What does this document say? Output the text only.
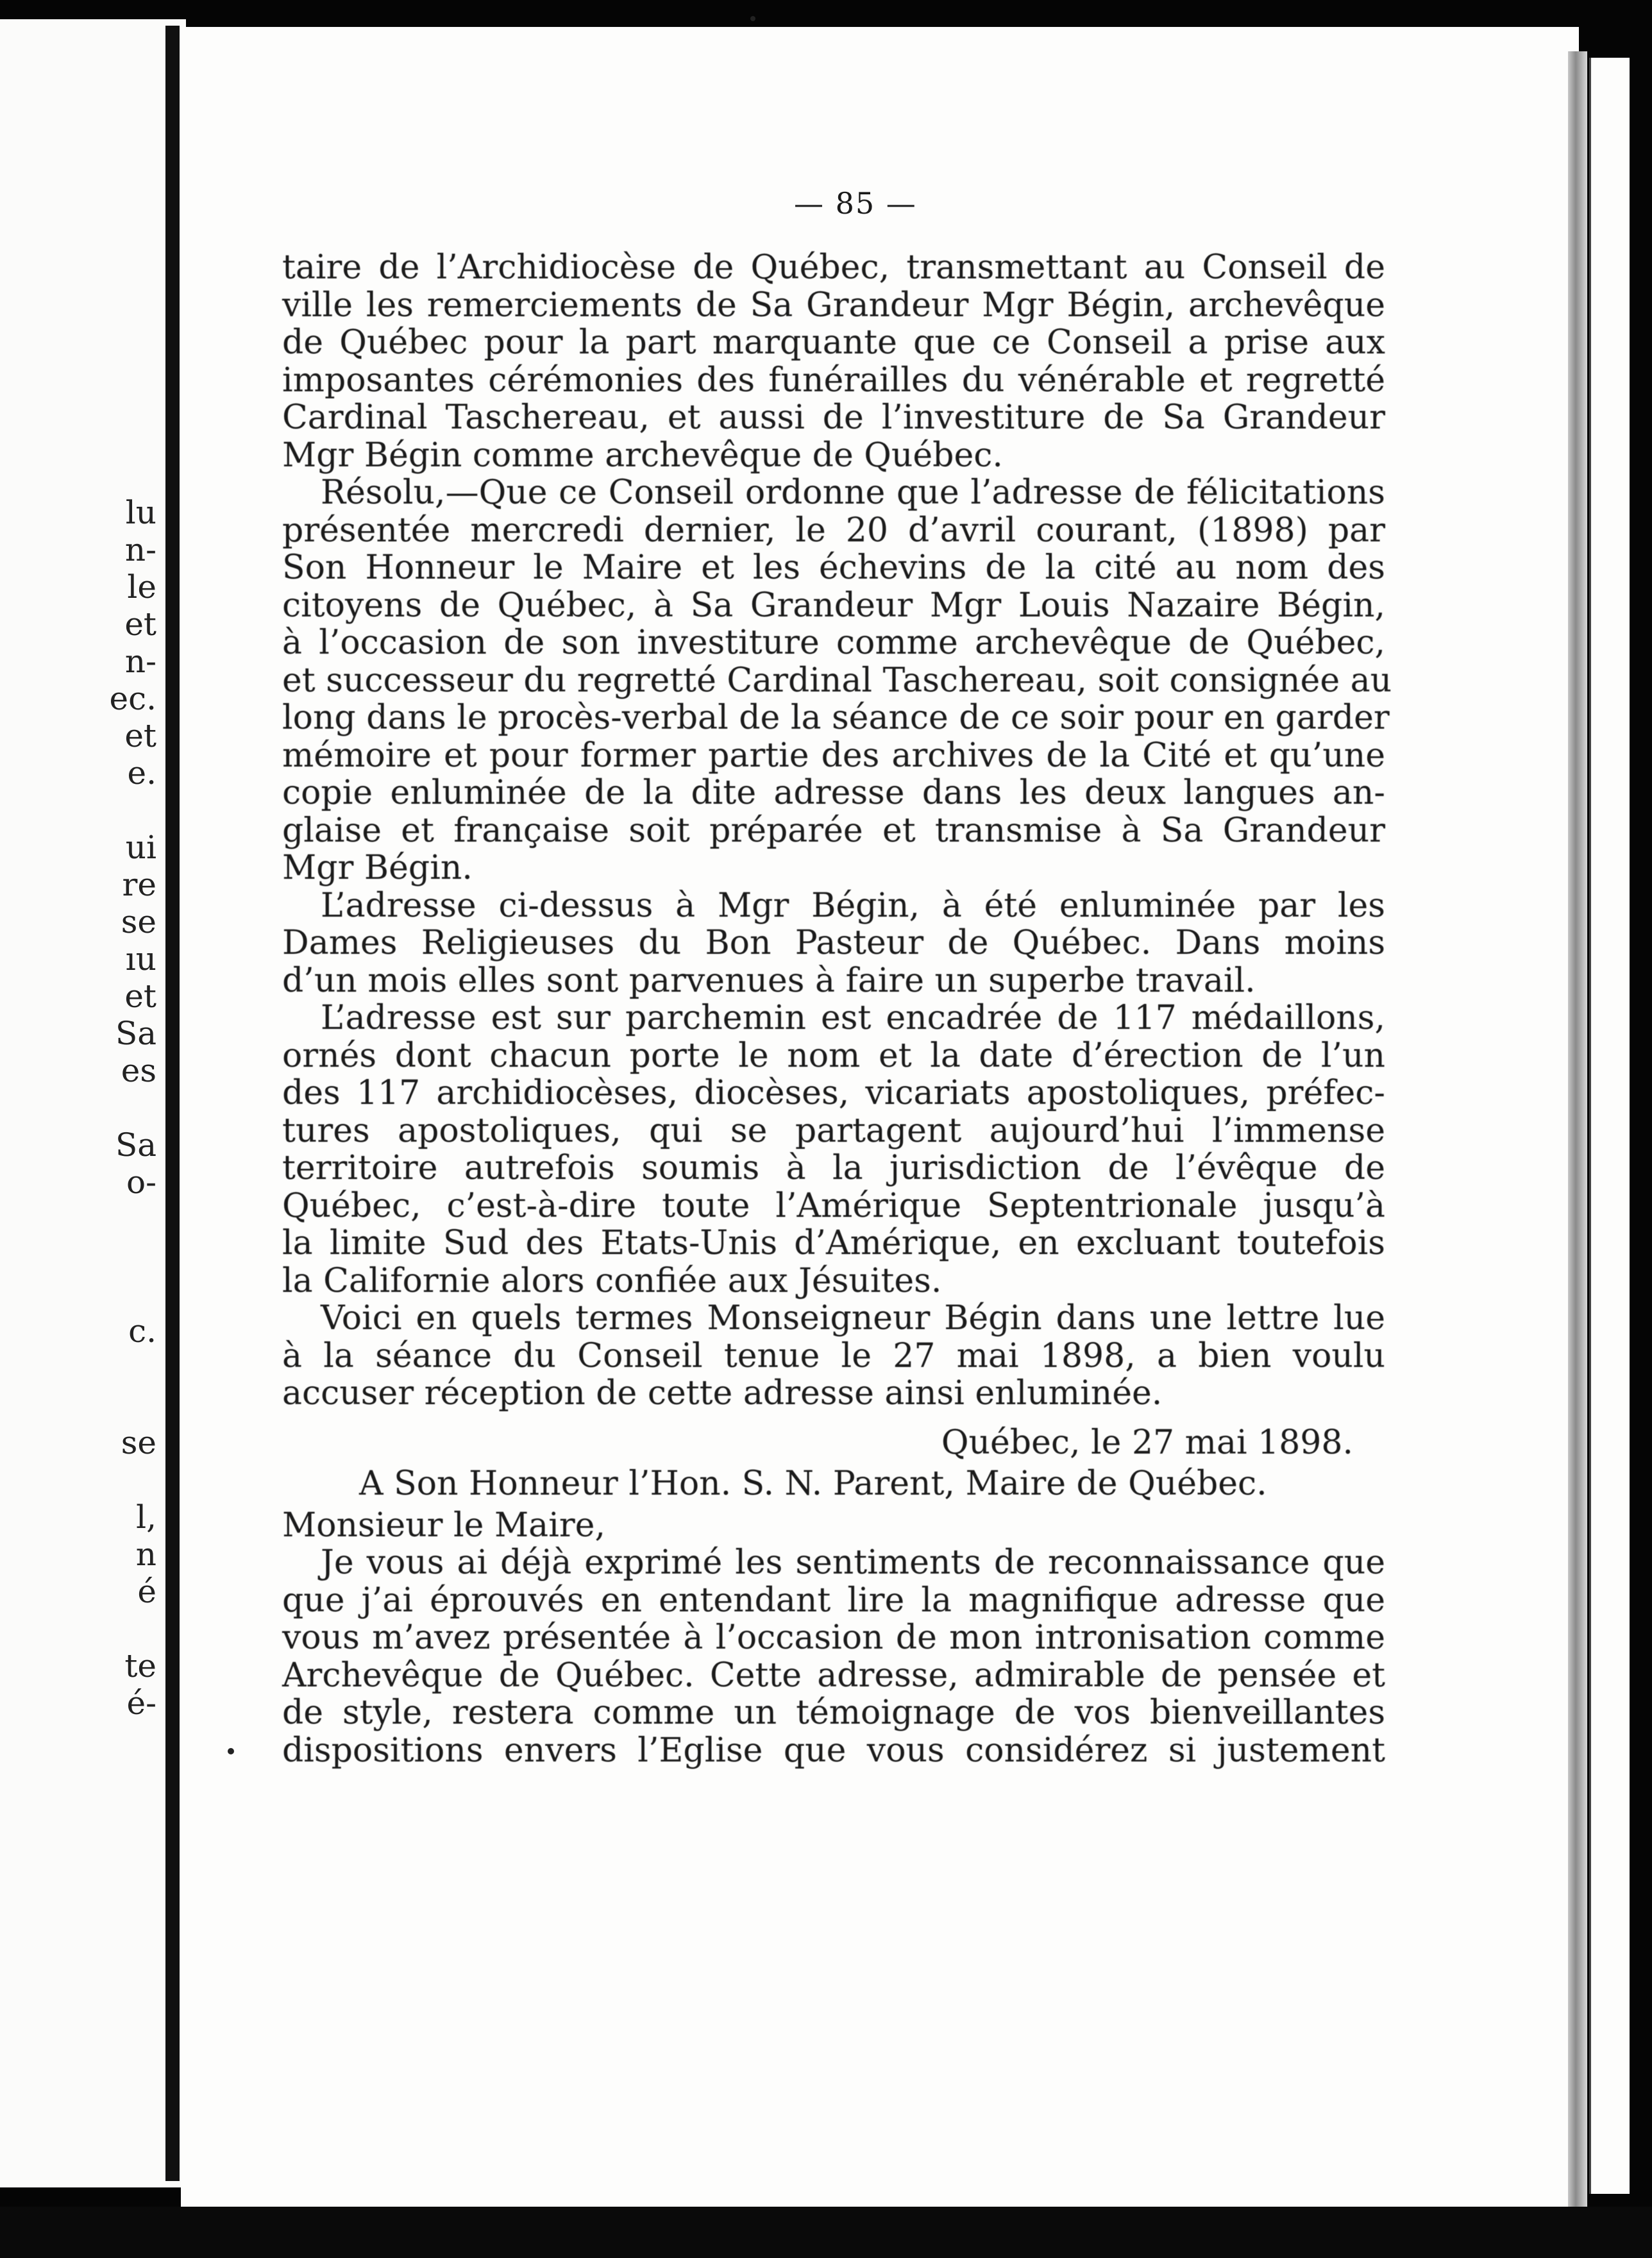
lu
n-
le
et
n-
ec.
et
e.
ui
re
se
ıu
et
Sa
es
Sa
o-
c.
se
l,
n
é
te
é-
— 85 —
taire de l’Archidiocèse de Québec, transmettant au Conseil de
ville les remerciements de Sa Grandeur Mgr Bégin, archevêque
de Québec pour la part marquante que ce Conseil a prise aux
imposantes cérémonies des funérailles du vénérable et regretté
Cardinal Taschereau, et aussi de l’investiture de Sa Grandeur
Mgr Bégin comme archevêque de Québec.
Résolu,—Que ce Conseil ordonne que l’adresse de félicitations
présentée mercredi dernier, le 20 d’avril courant, (1898) par
Son Honneur le Maire et les échevins de la cité au nom des
citoyens de Québec, à Sa Grandeur Mgr Louis Nazaire Bégin,
à l’occasion de son investiture comme archevêque de Québec,
et successeur du regretté Cardinal Taschereau, soit consignée au
long dans le procès-verbal de la séance de ce soir pour en garder
mémoire et pour former partie des archives de la Cité et qu’une
copie enluminée de la dite adresse dans les deux langues an-
glaise et française soit préparée et transmise à Sa Grandeur
Mgr Bégin.
L’adresse ci-dessus à Mgr Bégin, à été enluminée par les
Dames Religieuses du Bon Pasteur de Québec. Dans moins
d’un mois elles sont parvenues à faire un superbe travail.
L’adresse est sur parchemin est encadrée de 117 médaillons,
ornés dont chacun porte le nom et la date d’érection de l’un
des 117 archidiocèses, diocèses, vicariats apostoliques, préfec-
tures apostoliques, qui se partagent aujourd’hui l’immense
territoire autrefois soumis à la jurisdiction de l’évêque de
Québec, c’est-à-dire toute l’Amérique Septentrionale jusqu’à
la limite Sud des Etats-Unis d’Amérique, en excluant toutefois
la Californie alors confiée aux Jésuites.
Voici en quels termes Monseigneur Bégin dans une lettre lue
à la séance du Conseil tenue le 27 mai 1898, a bien voulu
accuser réception de cette adresse ainsi enluminée.
Québec, le 27 mai 1898.
A Son Honneur l’Hon. S. N. Parent, Maire de Québec.
Monsieur le Maire,
Je vous ai déjà exprimé les sentiments de reconnaissance que
que j’ai éprouvés en entendant lire la magnifique adresse que
vous m’avez présentée à l’occasion de mon intronisation comme
Archevêque de Québec. Cette adresse, admirable de pensée et
de style, restera comme un témoignage de vos bienveillantes
dispositions envers l’Eglise que vous considérez si justement
